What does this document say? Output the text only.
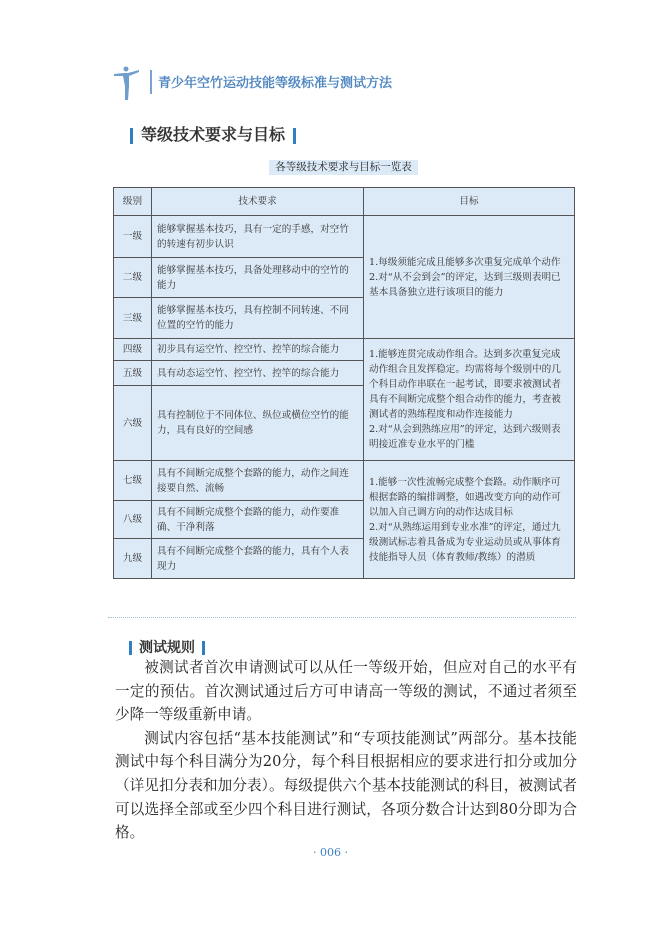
青少年空竹运动技能等级标准与测试方法
等级技术要求与目标
各等级技术要求与目标一览表
级别	技术要求	目标
一级	能够掌握基本技巧，具有一定的手感，对空竹的转速有初步认识	1.每级须能完成且能够多次重复完成单个动作
2.对“从不会到会”的评定，达到三级则表明已基本具备独立进行该项目的能力

二级	能够掌握基本技巧，具备处理移动中的空竹的能力	
三级	能够掌握基本技巧，具有控制不同转速、不同位置的空竹的能力	
四级	初步具有运空竹、控空竹、控竿的综合能力	1.能够连贯完成动作组合。达到多次重复完成动作组合且发挥稳定。均需将每个级别中的几个科目动作串联在一起考试，即要求被测试者具有不间断完成整个组合动作的能力，考查被测试者的熟练程度和动作连接能力
2.对“从会到熟练应用”的评定，达到六级则表明接近准专业水平的门槛

五级	具有动态运空竹、控空竹、控竿的综合能力	
六级	具有控制位于不同体位、纵位或横位空竹的能力，具有良好的空间感	
七级	具有不间断完成整个套路的能力，动作之间连接要自然、流畅	1.能够一次性流畅完成整个套路。动作顺序可根据套路的编排调整，如遇改变方向的动作可以加入自己调方向的动作达成目标
2.对“从熟练运用到专业水准”的评定，通过九级测试标志着具备成为专业运动员或从事体育技能指导人员（体育教师/教练）的潜质

八级	具有不间断完成整个套路的能力，动作要准确、干净利落	
九级	具有不间断完成整个套路的能力，具有个人表现力	
测试规则

被测试者首次申请测试可以从任一等级开始，但应对自己的水平有一定的预估。首次测试通过后方可申请高一等级的测试，不通过者须至少降一等级重新申请。

测试内容包括“基本技能测试”和“专项技能测试”两部分。基本技能测试中每个科目满分为20分，每个科目根据相应的要求进行扣分或加分（详见扣分表和加分表）。每级提供六个基本技能测试的科目，被测试者可以选择全部或至少四个科目进行测试，各项分数合计达到80分即为合格。

· 006 ·
